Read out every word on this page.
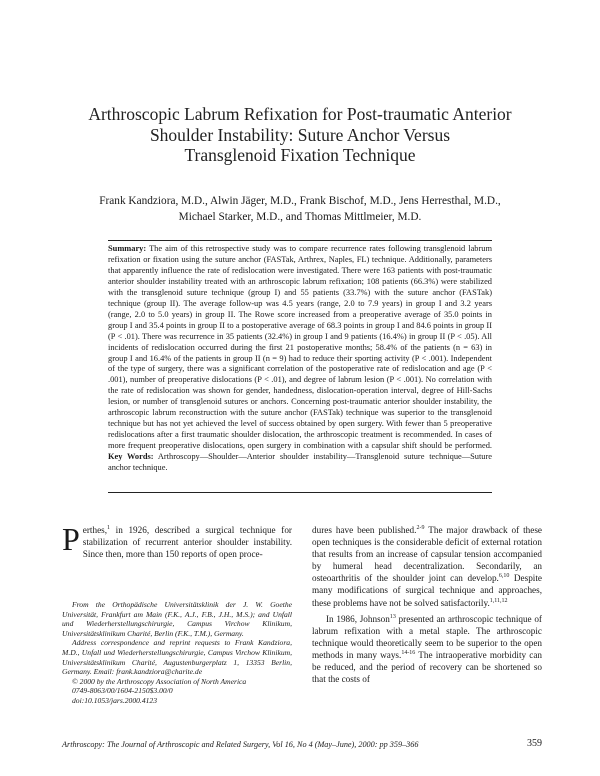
Arthroscopic Labrum Refixation for Post-traumatic Anterior
Shoulder Instability: Suture Anchor Versus
Transglenoid Fixation Technique
Frank Kandziora, M.D., Alwin Jäger, M.D., Frank Bischof, M.D., Jens Herresthal, M.D.,
Michael Starker, M.D., and Thomas Mittlmeier, M.D.

Summary: The aim of this retrospective study was to compare recurrence rates following transglenoid labrum refixation or fixation using the suture anchor (FASTak, Arthrex, Naples, FL) technique. Additionally, parameters that apparently influence the rate of redislocation were investigated. There were 163 patients with post-traumatic anterior shoulder instability treated with an arthroscopic labrum refixation; 108 patients (66.3%) were stabilized with the transglenoid suture technique (group I) and 55 patients (33.7%) with the suture anchor (FASTak) technique (group II). The average follow-up was 4.5 years (range, 2.0 to 7.9 years) in group I and 3.2 years (range, 2.0 to 5.0 years) in group II. The Rowe score increased from a preoperative average of 35.0 points in group I and 35.4 points in group II to a postoperative average of 68.3 points in group I and 84.6 points in group II (P < .01). There was recurrence in 35 patients (32.4%) in group I and 9 patients (16.4%) in group II (P < .05). All incidents of redislocation occurred during the first 21 postoperative months; 58.4% of the patients (n = 63) in group I and 16.4% of the patients in group II (n = 9) had to reduce their sporting activity (P < .001). Independent of the type of surgery, there was a significant correlation of the postoperative rate of redislocation and age (P < .001), number of preoperative dislocations (P < .01), and degree of labrum lesion (P < .001). No correlation with the rate of redislocation was shown for gender, handedness, dislocation-operation interval, degree of Hill-Sachs lesion, or number of transglenoid sutures or anchors. Concerning post-traumatic anterior shoulder instability, the arthroscopic labrum reconstruction with the suture anchor (FASTak) technique was superior to the transglenoid technique but has not yet achieved the level of success obtained by open surgery. With fewer than 5 preoperative redislocations after a first traumatic shoulder dislocation, the arthroscopic treatment is recommended. In cases of more frequent preoperative dislocations, open surgery in combination with a capsular shift should be performed. Key Words: Arthroscopy—Shoulder—Anterior shoulder instability—Transglenoid suture technique—Suture anchor technique.

Perthes,$^1$ in 1926, described a surgical technique for stabilization of recurrent anterior shoulder instability. Since then, more than 150 reports of open proce-

From the Orthopädische Universitätsklinik der J. W. Goethe Universität, Frankfurt am Main (F.K., A.J., F.B., J.H., M.S.); and Unfall und Wiederherstellungschirurgie, Campus Virchow Klinikum, Universitätsklinikum Charité, Berlin (F.K., T.M.), Germany.

Address correspondence and reprint requests to Frank Kandziora, M.D., Unfall und Wiederherstellungschirurgie, Campus Virchow Klinikum, Universitätsklinikum Charité, Augustenburgerplatz 1, 13353 Berlin, Germany. Email: frank.kandziora@charite.de

© 2000 by the Arthroscopy Association of North America

0749-8063/00/1604-2150$3.00/0

doi:10.1053/jars.2000.4123

dures have been published.$^{2-9}$ The major drawback of these open techniques is the considerable deficit of external rotation that results from an increase of capsular tension accompanied by humeral head decentralization. Secondarily, an osteoarthritis of the shoulder joint can develop.$^{6,10}$ Despite many modifications of surgical technique and approaches, these problems have not be solved satisfactorily.$^{1,11,12}$

In 1986, Johnson$^{13}$ presented an arthroscopic technique of labrum refixation with a metal staple. The arthroscopic technique would theoretically seem to be superior to the open methods in many ways.$^{14-16}$ The intraoperative morbidity can be reduced, and the period of recovery can be shortened so that the costs of

Arthroscopy: The Journal of Arthroscopic and Related Surgery, Vol 16, No 4 (May–June), 2000: pp 359–366	359
